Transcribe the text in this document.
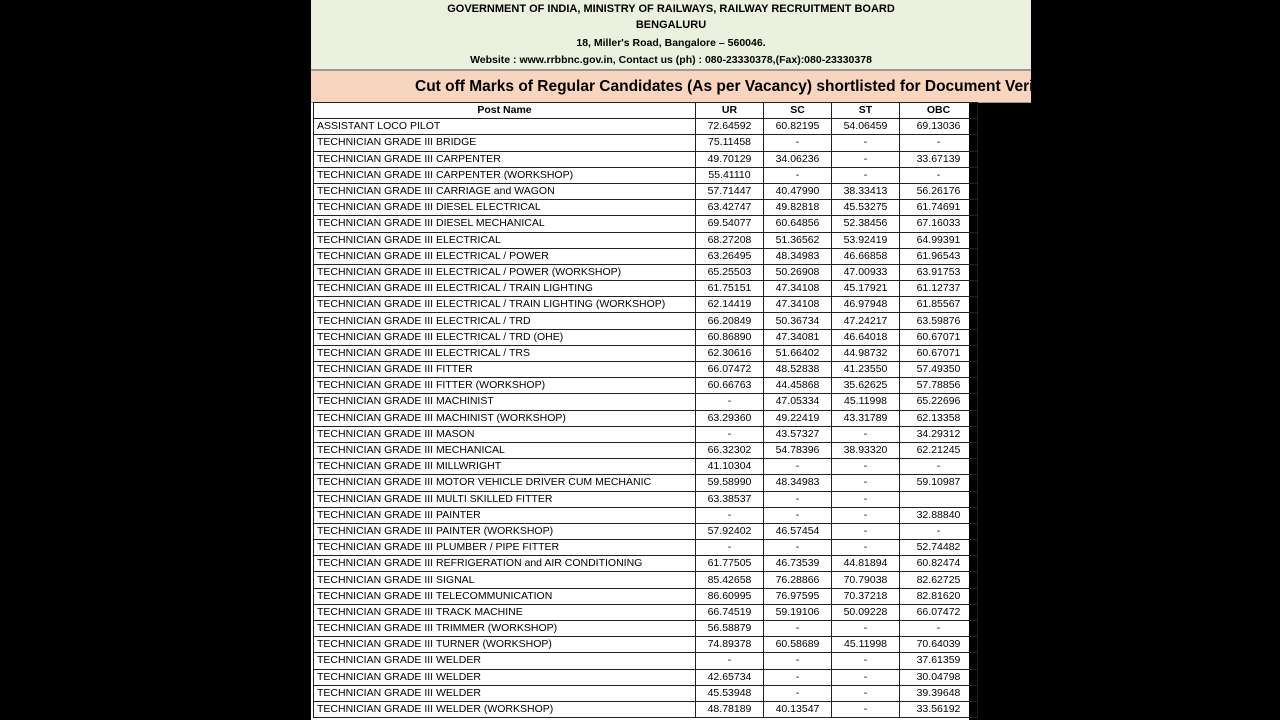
GOVERNMENT OF INDIA, MINISTRY OF RAILWAYS, RAILWAY RECRUITMENT BOARD
BENGALURU
18, Miller's Road, Bangalore – 560046.
Website : www.rrbbnc.gov.in, Contact us (ph) : 080-23330378,(Fax):080-23330378
Cut off Marks of Regular Candidates (As per Vacancy) shortlisted for Document Verification
Post Name	UR	SC	ST	OBC
ASSISTANT LOCO PILOT	72.64592	60.82195	54.06459	69.13036
TECHNICIAN GRADE III BRIDGE	75.11458	-	-	-
TECHNICIAN GRADE III CARPENTER	49.70129	34.06236	-	33.67139
TECHNICIAN GRADE III CARPENTER (WORKSHOP)	55.41110	-	-	-
TECHNICIAN GRADE III CARRIAGE and WAGON	57.71447	40.47990	38.33413	56.26176
TECHNICIAN GRADE III DIESEL ELECTRICAL	63.42747	49.82818	45.53275	61.74691
TECHNICIAN GRADE III DIESEL MECHANICAL	69.54077	60.64856	52.38456	67.16033
TECHNICIAN GRADE III ELECTRICAL	68.27208	51.36562	53.92419	64.99391
TECHNICIAN GRADE III ELECTRICAL / POWER	63.26495	48.34983	46.66858	61.96543
TECHNICIAN GRADE III ELECTRICAL / POWER (WORKSHOP)	65.25503	50.26908	47.00933	63.91753
TECHNICIAN GRADE III ELECTRICAL / TRAIN LIGHTING	61.75151	47.34108	45.17921	61.12737
TECHNICIAN GRADE III ELECTRICAL / TRAIN LIGHTING (WORKSHOP)	62.14419	47.34108	46.97948	61.85567
TECHNICIAN GRADE III ELECTRICAL / TRD	66.20849	50.36734	47.24217	63.59876
TECHNICIAN GRADE III ELECTRICAL / TRD (OHE)	60.86890	47.34081	46.64018	60.67071
TECHNICIAN GRADE III ELECTRICAL / TRS	62.30616	51.66402	44.98732	60.67071
TECHNICIAN GRADE III FITTER	66.07472	48.52838	41.23550	57.49350
TECHNICIAN GRADE III FITTER (WORKSHOP)	60.66763	44.45868	35.62625	57.78856
TECHNICIAN GRADE III MACHINIST	-	47.05334	45.11998	65.22696
TECHNICIAN GRADE III MACHINIST (WORKSHOP)	63.29360	49.22419	43.31789	62.13358
TECHNICIAN GRADE III MASON	-	43.57327	-	34.29312
TECHNICIAN GRADE III MECHANICAL	66.32302	54.78396	38.93320	62.21245
TECHNICIAN GRADE III MILLWRIGHT	41.10304	-	-	-
TECHNICIAN GRADE III MOTOR VEHICLE DRIVER CUM MECHANIC	59.58990	48.34983	-	59.10987
TECHNICIAN GRADE III MULTI SKILLED FITTER	63.38537	-	-	
TECHNICIAN GRADE III PAINTER	-	-	-	32.88840
TECHNICIAN GRADE III PAINTER (WORKSHOP)	57.92402	46.57454	-	-
TECHNICIAN GRADE III PLUMBER / PIPE FITTER	-	-	-	52.74482
TECHNICIAN GRADE III REFRIGERATION and AIR CONDITIONING	61.77505	46.73539	44.81894	60.82474
TECHNICIAN GRADE III SIGNAL	85.42658	76.28866	70.79038	82.62725
TECHNICIAN GRADE III TELECOMMUNICATION	86.60995	76.97595	70.37218	82.81620
TECHNICIAN GRADE III TRACK MACHINE	66.74519	59.19106	50.09228	66.07472
TECHNICIAN GRADE III TRIMMER (WORKSHOP)	56.58879	-	-	-
TECHNICIAN GRADE III TURNER (WORKSHOP)	74.89378	60.58689	45.11998	70.64039
TECHNICIAN GRADE III WELDER	-	-	-	37.61359
TECHNICIAN GRADE III WELDER	42.65734	-	-	30.04798
TECHNICIAN GRADE III WELDER	45.53948	-	-	39.39648
TECHNICIAN GRADE III WELDER (WORKSHOP)	48.78189	40.13547	-	33.56192
